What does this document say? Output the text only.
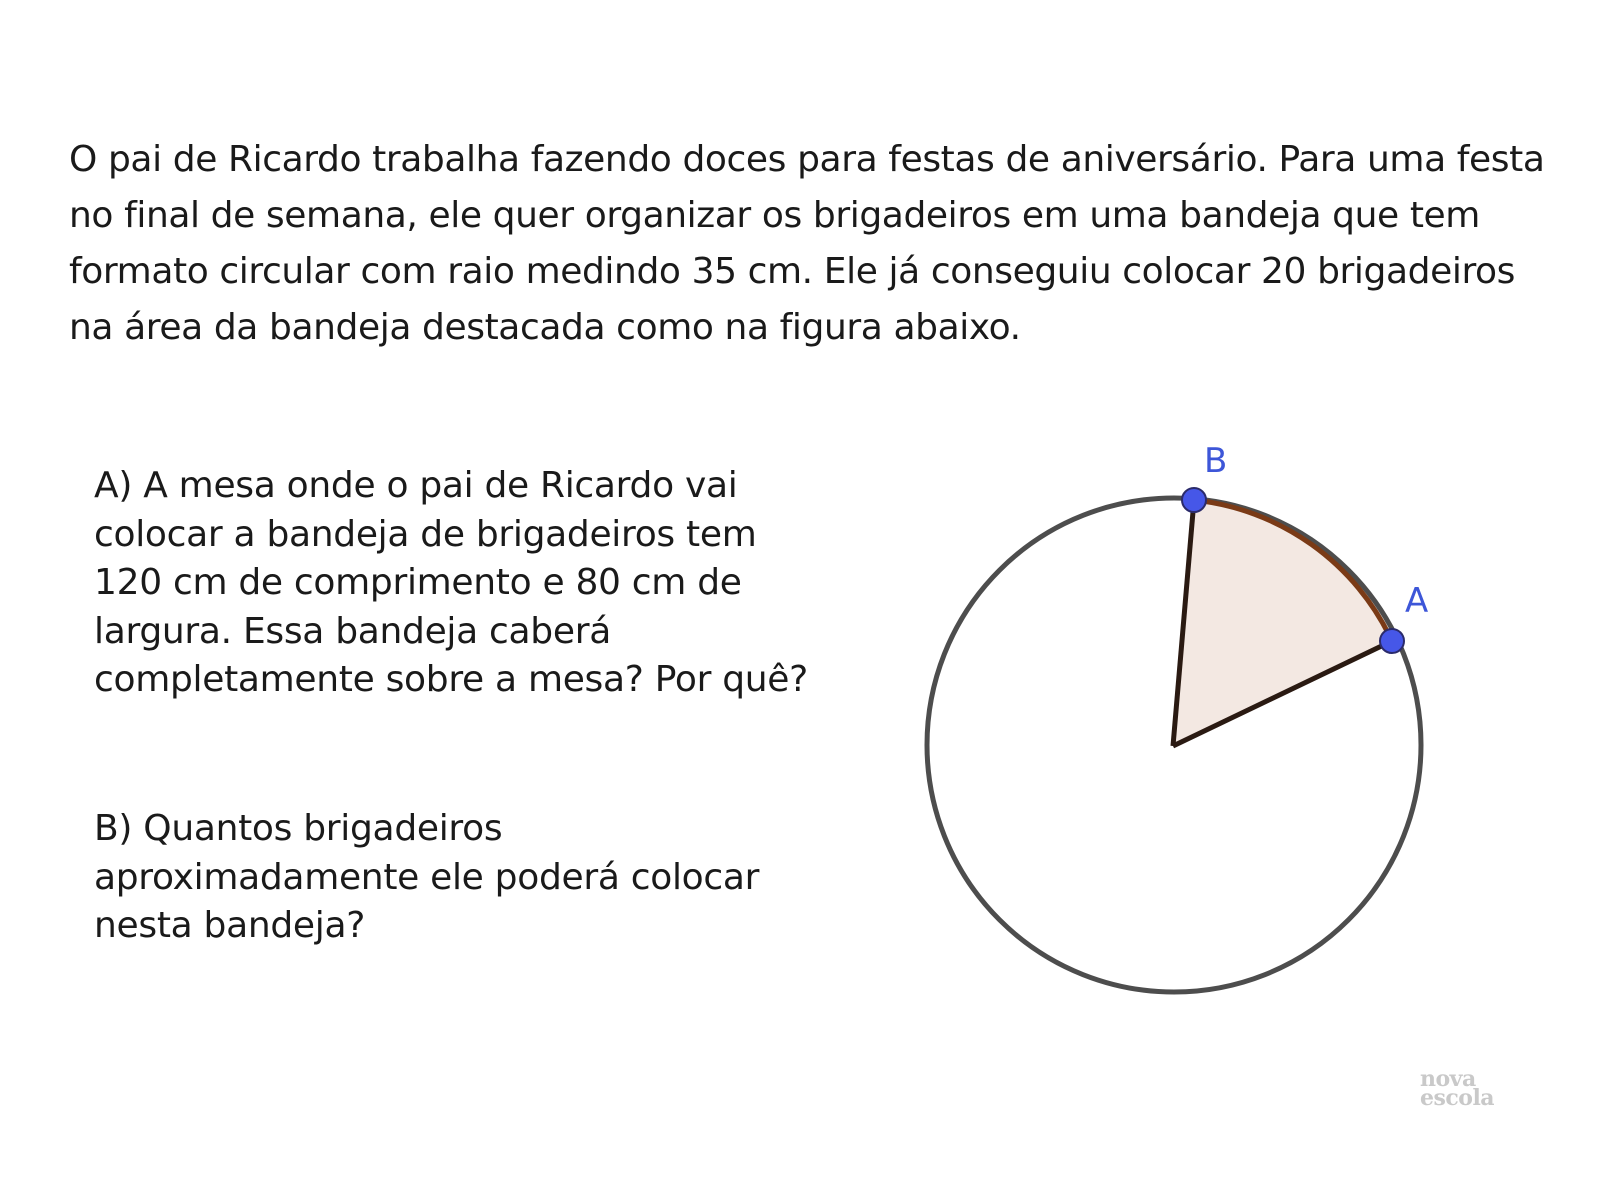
O pai de Ricardo trabalha fazendo doces para festas de aniversário. Para uma festa no final de semana, ele quer organizar os brigadeiros em uma bandeja que tem formato circular com raio medindo 35 cm. Ele já conseguiu colocar 20 brigadeiros na área da bandeja destacada como na figura abaixo.

A) A mesa onde o pai de Ricardo vai colocar a bandeja de brigadeiros tem 120 cm de comprimento e 80 cm de largura. Essa bandeja caberá completamente sobre a mesa? Por quê?

B) Quantos brigadeiros aproximadamente ele poderá colocar nesta bandeja?

B
A
nova
escola
